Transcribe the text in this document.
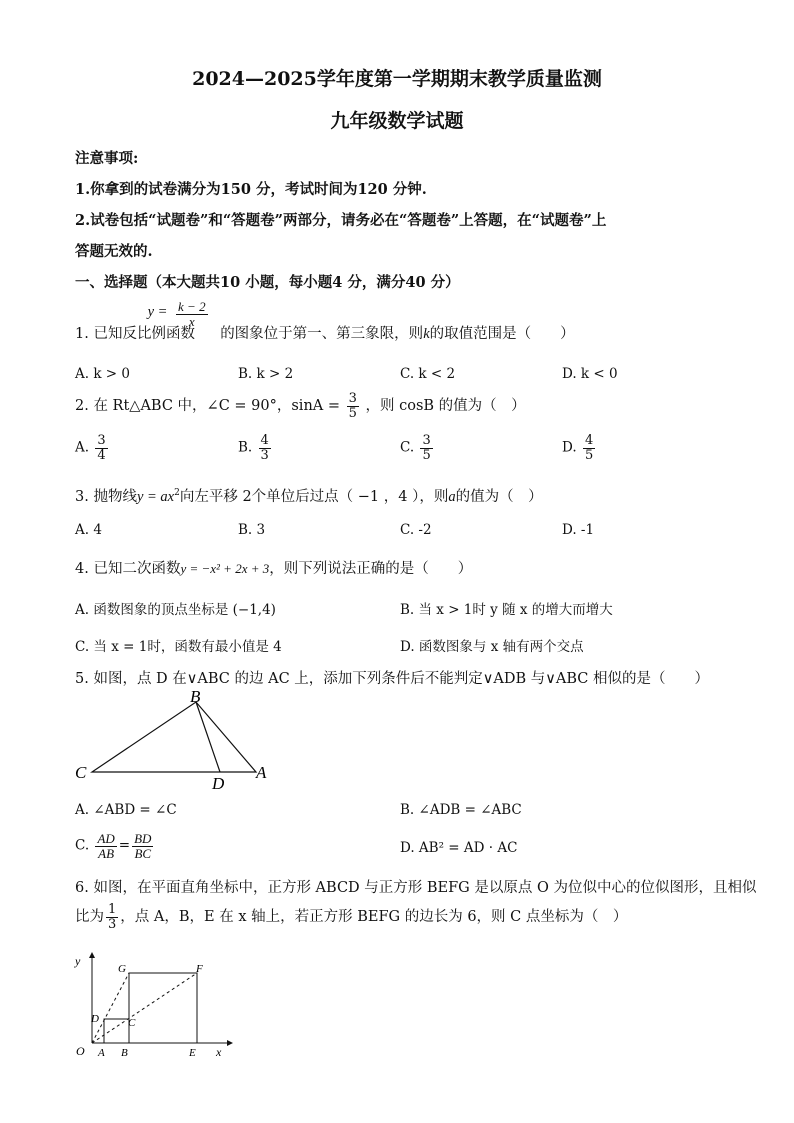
2024—2025学年度第一学期期末教学质量监测
九年级数学试题
注意事项:
1.你拿到的试卷满分为150 分，考试时间为120 分钟.
2.试卷包括“试题卷”和“答题卷”两部分，请务必在“答题卷”上答题，在“试题卷”上
答题无效的.
一、选择题（本大题共10 小题，每小题4 分，满分40 分）
1. 已知反比例函数 $y = \frac{k - 2}{x}$
的图象位于第一、第三象限，则k的取值范围是（　　）
A. k > 0	B. k > 2	C. k < 2	D. k < 0
2. 在 Rt△ABC 中，∠C = 90°，$\sin A = \frac{3}{5}$ ，则 cosB 的值为（　）
A. $\frac{3}{4}$	B. $\frac{4}{3}$	C. $\frac{3}{5}$	D. $\frac{4}{5}$
3. 抛物线$y = ax^2$向左平移 2个单位后过点（ −1 ，4 ），则a的值为（　）
A. 4	B. 3	C. -2	D. -1
4. 已知二次函数y = −x² + 2x + 3，则下列说法正确的是（　　）
A. 函数图象的顶点坐标是 (−1,4)	B. 当 x > 1时 y 随 x 的增大而增大
C. 当 x = 1时，函数有最小值是 4	D. 函数图象与 x 轴有两个交点
5. 如图，点 D 在∨ABC 的边 AC 上，添加下列条件后不能判定∨ADB 与∨ABC 相似的是（　　）
B
C
D
A
A. ∠ABD = ∠C	B. ∠ADB = ∠ABC
C. $\frac{AD}{AB} = \frac{BD}{BC}$	D. AB² = AD · AC
6. 如图，在平面直角坐标中，正方形 ABCD 与正方形 BEFG 是以原点 O 为位似中心的位似图形，且相似
比为 $\frac{1}{3}$ ，点 A，B，E 在 x 轴上，若正方形 BEFG 的边长为 6，则 C 点坐标为（　）
y
x
O A B	E
G	F
D	C
